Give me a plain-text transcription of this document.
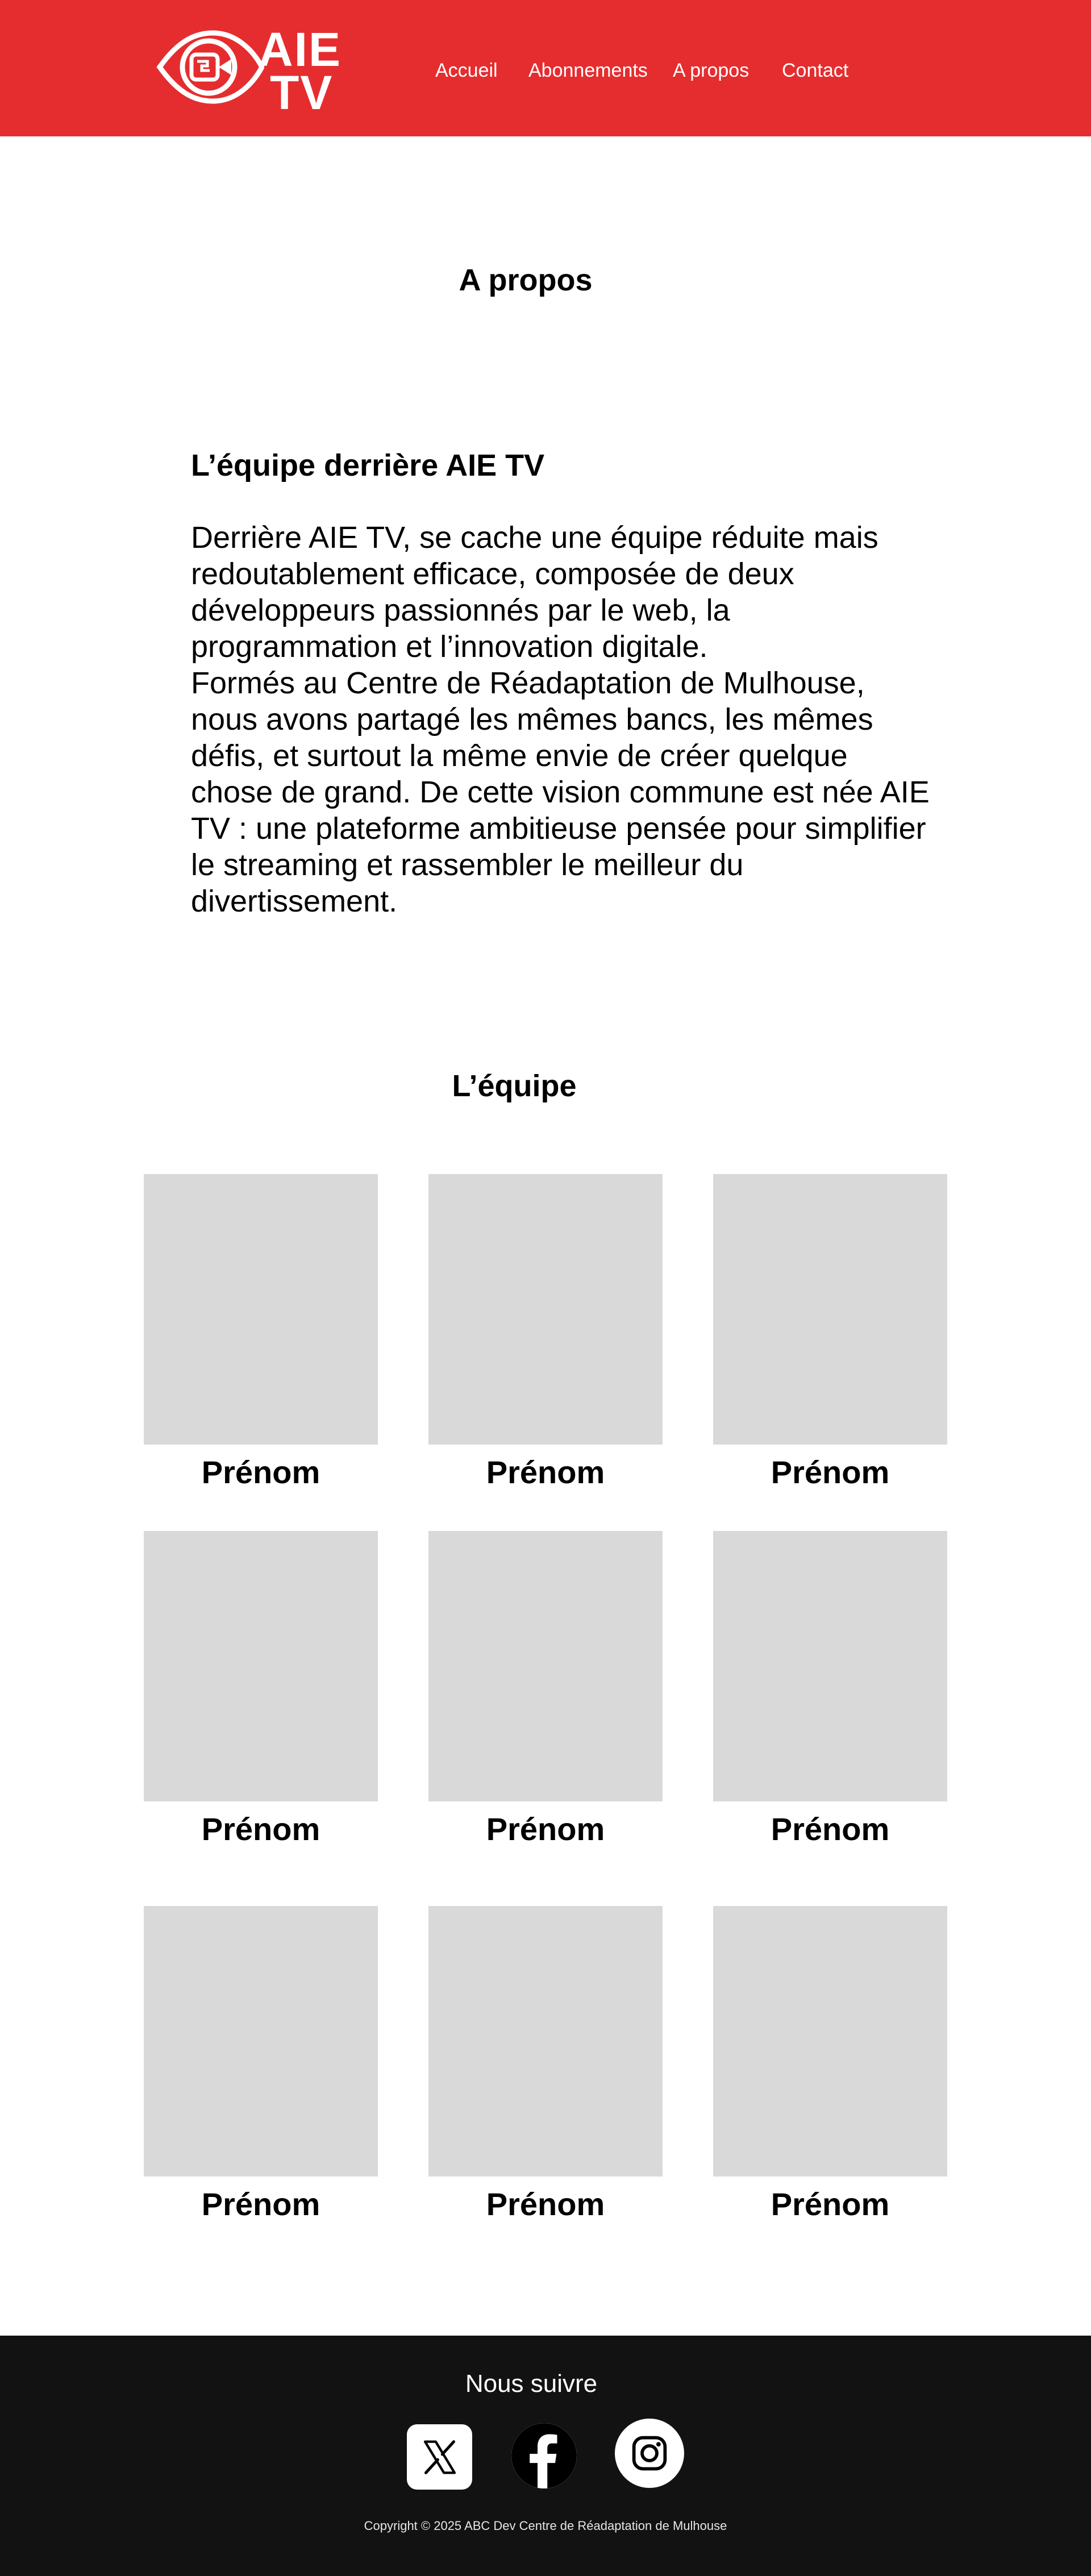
AIE
TV	Accueil Abonnements A propos Contact
A propos
L’équipe derrière AIE TV

Derrière AIE TV, se cache une équipe réduite mais redoutablement efficace, composée de deux développeurs passionnés par le web, la programmation et l’innovation digitale.

Formés au Centre de Réadaptation de Mulhouse, nous avons partagé les mêmes bancs, les mêmes défis, et surtout la même envie de créer quelque chose de grand. De cette vision commune est née AIE TV : une plateforme ambitieuse pensée pour simplifier le streaming et rassembler le meilleur du divertissement.

L’équipe
Prénom	Prénom	Prénom
Prénom	Prénom	Prénom
Prénom	Prénom	Prénom
Nous suivre
Copyright © 2025 ABC Dev Centre de Réadaptation de Mulhouse
